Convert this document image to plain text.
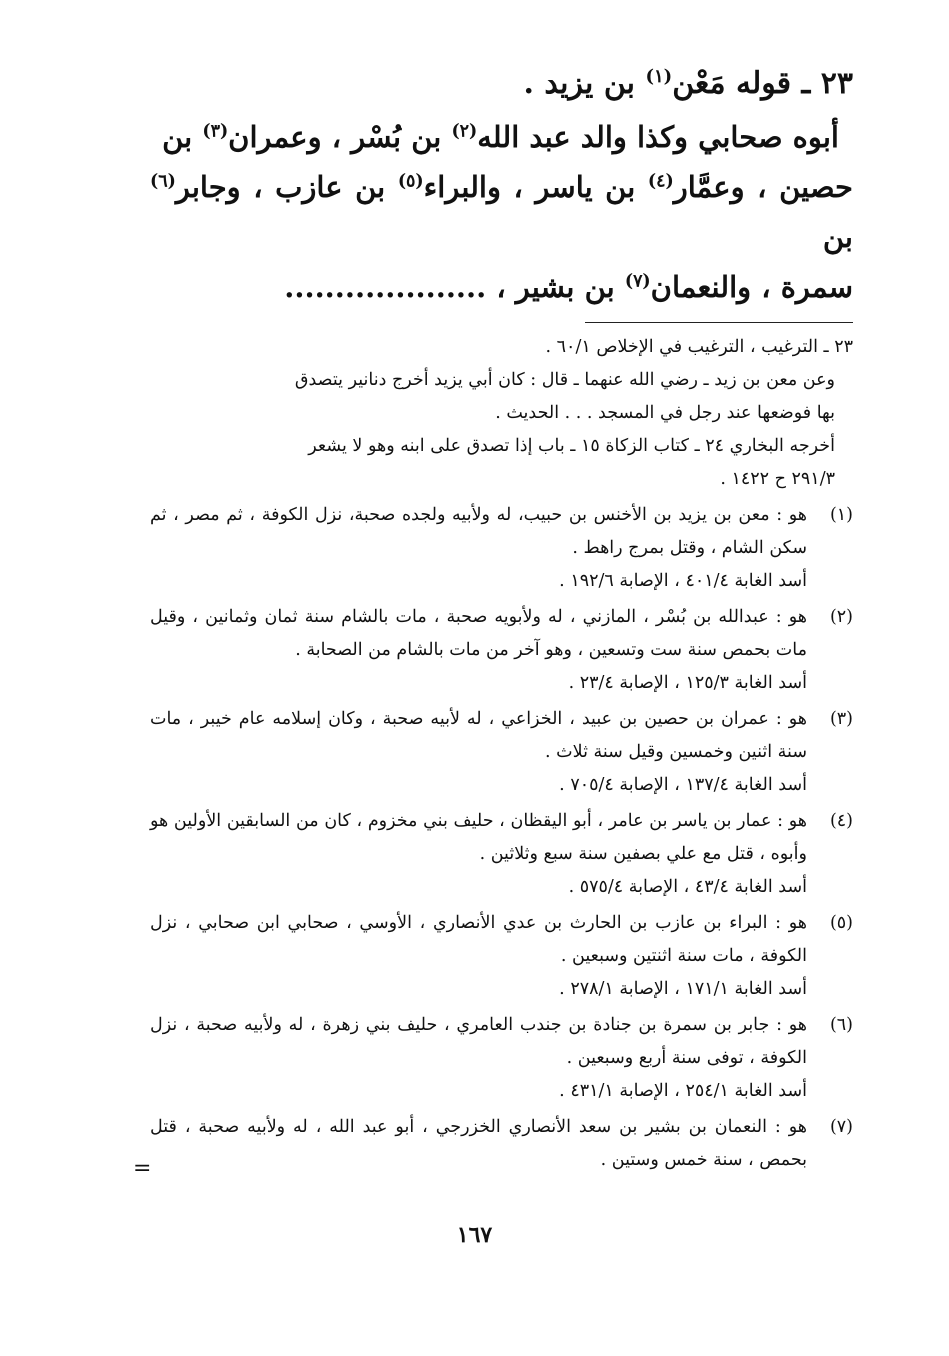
٢٣ ـ قوله مَعْن$^{(١)}$ بن يزيد .
أبوه صحابي وكذا والد عبد الله$^{(٢)}$ بن بُسْر ، وعمران$^{(٣)}$ بن
حصين ، وعمَّار$^{(٤)}$ بن ياسر ، والبراء$^{(٥)}$ بن عازب ، وجابر$^{(٦)}$ بن
سمرة ، والنعمان$^{(٧)}$ بن بشير ، ....................

٢٣ ـ الترغيب ، الترغيب في الإخلاص ٦٠/١ .

وعن معن بن زيد ـ رضي الله عنهما ـ قال : كان أبي يزيد أخرج دنانير يتصدق
بها فوضعها عند رجل في المسجد . . . الحديث .

أخرجه البخاري ٢٤ ـ كتاب الزكاة ١٥ ـ باب إذا تصدق على ابنه وهو لا يشعر
٢٩١/٣ ح ١٤٢٢ .

(١)

هو : معن بن يزيد بن الأخنس بن حبيب، له ولأبيه ولجده صحبة، نزل الكوفة ، ثم مصر ، ثم سكن الشام ، وقتل بمرج راهط .

أسد الغابة ٤٠١/٤ ، الإصابة ١٩٢/٦ .

(٢)

هو : عبدالله بن بُسْر ، المازني ، له ولأبويه صحبة ، مات بالشام سنة ثمان وثمانين ، وقيل مات بحمص سنة ست وتسعين ، وهو آخر من مات بالشام من الصحابة .

أسد الغابة ١٢٥/٣ ، الإصابة ٢٣/٤ .

(٣)

هو : عمران بن حصين بن عبيد ، الخزاعي ، له لأبيه صحبة ، وكان إسلامه عام خيبر ، مات سنة اثنين وخمسين وقيل سنة ثلاث .

أسد الغابة ١٣٧/٤ ، الإصابة ٧٠٥/٤ .

(٤)

هو : عمار بن ياسر بن عامر ، أبو اليقظان ، حليف بني مخزوم ، كان من السابقين الأولين هو وأبوه ، قتل مع علي بصفين سنة سبع وثلاثين .

أسد الغابة ٤٣/٤ ، الإصابة ٥٧٥/٤ .

(٥)

هو : البراء بن عازب بن الحارث بن عدي الأنصاري ، الأوسي ، صحابي ابن صحابي ، نزل الكوفة ، مات سنة اثنتين وسبعين .

أسد الغابة ١٧١/١ ، الإصابة ٢٧٨/١ .

(٦)

هو : جابر بن سمرة بن جنادة بن جندب العامري ، حليف بني زهرة ، له ولأبيه صحبة ، نزل الكوفة ، توفى سنة أربع وسبعين .

أسد الغابة ٢٥٤/١ ، الإصابة ٤٣١/١ .

(٧)

هو : النعمان بن بشير بن سعد الأنصاري الخزرجي ، أبو عبد الله ، له ولأبيه صحبة ، قتل بحمص ، سنة خمس وستين .

=
١٦٧
